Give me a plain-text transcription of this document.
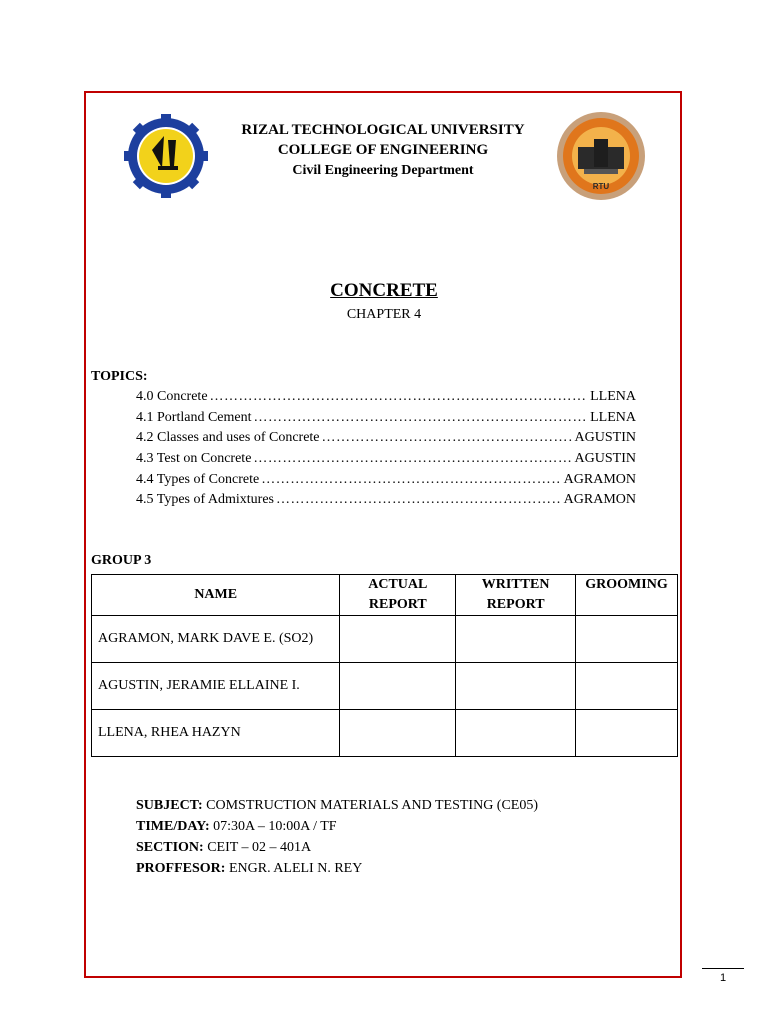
RTU
RIZAL TECHNOLOGICAL UNIVERSITY
COLLEGE OF ENGINEERING
Civil Engineering Department
CONCRETE
CHAPTER 4
TOPICS:
4.0 Concrete ……………………………………………………………………………………………………	LLENA
4.1 Portland Cement ……………………………………………………………………………………………………	LLENA
4.2 Classes and uses of Concrete ……………………………………………………………………………………………………	AGUSTIN
4.3 Test on Concrete ……………………………………………………………………………………………………	AGUSTIN
4.4 Types of Concrete ……………………………………………………………………………………………………	AGRAMON
4.5 Types of Admixtures ……………………………………………………………………………………………………	AGRAMON
GROUP 3
NAME	ACTUAL REPORT	WRITTEN REPORT	GROOMING
AGRAMON, MARK DAVE E. (SO2)			
AGUSTIN, JERAMIE ELLAINE I.			
LLENA, RHEA HAZYN			
SUBJECT: COMSTRUCTION MATERIALS AND TESTING (CE05)
TIME/DAY: 07:30A – 10:00A / TF
SECTION: CEIT – 02 – 401A
PROFFESOR: ENGR. ALELI N. REY
1
